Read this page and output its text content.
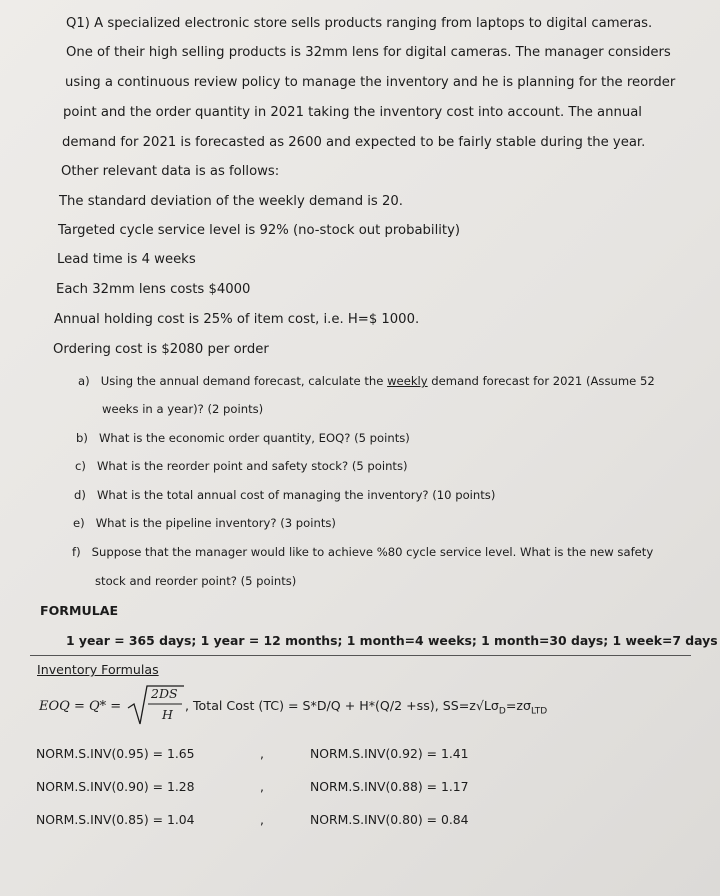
Q1) A specialized electronic store sells products ranging from laptops to digital cameras.
One of their high selling products is 32mm lens for digital cameras. The manager considers
using a continuous review policy to manage the inventory and he is planning for the reorder
point and the order quantity in 2021 taking the inventory cost into account. The annual
demand for 2021 is forecasted as 2600 and expected to be fairly stable during the year.
Other relevant data is as follows:
The standard deviation of the weekly demand is 20.
Targeted cycle service level is 92% (no-stock out probability)
Lead time is 4 weeks
Each 32mm lens costs $4000
Annual holding cost is 25% of item cost, i.e. H=$ 1000.
Ordering cost is $2080 per order
a) Using the annual demand forecast, calculate the weekly demand forecast for 2021 (Assume 52
weeks in a year)? (2 points)
b) What is the economic order quantity, EOQ? (5 points)
c) What is the reorder point and safety stock? (5 points)
d) What is the total annual cost of managing the inventory? (10 points)
e) What is the pipeline inventory? (3 points)
f) Suppose that the manager would like to achieve %80 cycle service level. What is the new safety
stock and reorder point? (5 points)
FORMULAE
1 year = 365 days; 1 year = 12 months; 1 month=4 weeks; 1 month=30 days; 1 week=7 days
Inventory Formulas
EOQ = Q* =
2DS
H
, Total Cost (TC) = S*D/Q + H*(Q/2 +ss), $SS=z√L\sigma_D=z\sigma_{LTD}$
NORM.S.INV(0.95) = 1.65	,	NORM.S.INV(0.92) = 1.41
NORM.S.INV(0.90) = 1.28	,	NORM.S.INV(0.88) = 1.17
NORM.S.INV(0.85) = 1.04	,	NORM.S.INV(0.80) = 0.84
